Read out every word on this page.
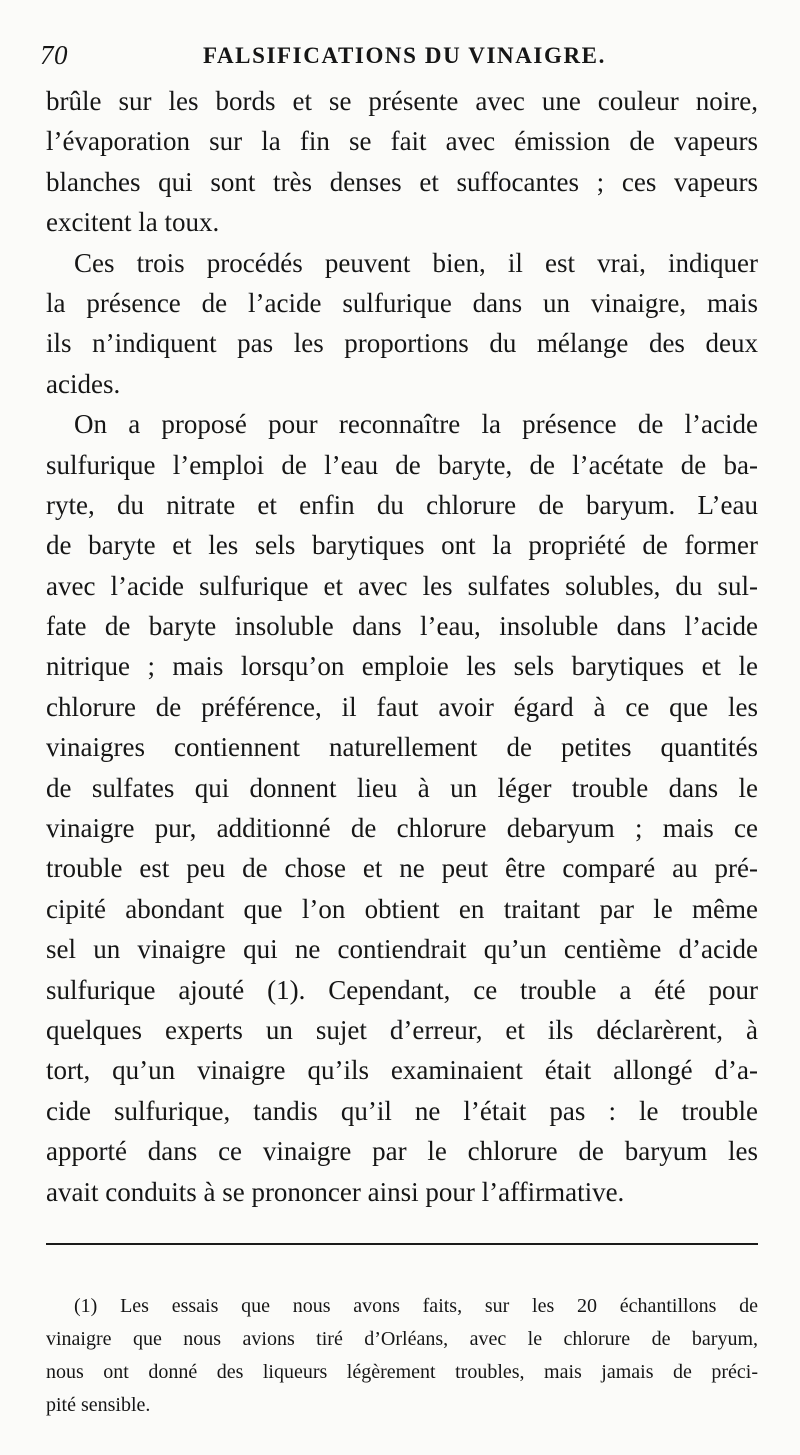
70	FALSIFICATIONS DU VINAIGRE.
brûle sur les bords et se présente avec une couleur noire,
l’évaporation sur la fin se fait avec émission de vapeurs
blanches qui sont très denses et suffocantes ; ces vapeurs
excitent la toux.
Ces trois procédés peuvent bien, il est vrai, indiquer
la présence de l’acide sulfurique dans un vinaigre, mais
ils n’indiquent pas les proportions du mélange des deux
acides.
On a proposé pour reconnaître la présence de l’acide
sulfurique l’emploi de l’eau de baryte, de l’acétate de ba-
ryte, du nitrate et enfin du chlorure de baryum. L’eau
de baryte et les sels barytiques ont la propriété de former
avec l’acide sulfurique et avec les sulfates solubles, du sul-
fate de baryte insoluble dans l’eau, insoluble dans l’acide
nitrique ; mais lorsqu’on emploie les sels barytiques et le
chlorure de préférence, il faut avoir égard à ce que les
vinaigres contiennent naturellement de petites quantités
de sulfates qui donnent lieu à un léger trouble dans le
vinaigre pur, additionné de chlorure debaryum ; mais ce
trouble est peu de chose et ne peut être comparé au pré-
cipité abondant que l’on obtient en traitant par le même
sel un vinaigre qui ne contiendrait qu’un centième d’acide
sulfurique ajouté (1). Cependant, ce trouble a été pour
quelques experts un sujet d’erreur, et ils déclarèrent, à
tort, qu’un vinaigre qu’ils examinaient était allongé d’a-
cide sulfurique, tandis qu’il ne l’était pas : le trouble
apporté dans ce vinaigre par le chlorure de baryum les
avait conduits à se prononcer ainsi pour l’affirmative.
(1) Les essais que nous avons faits, sur les 20 échantillons de
vinaigre que nous avions tiré d’Orléans, avec le chlorure de baryum,
nous ont donné des liqueurs légèrement troubles, mais jamais de préci-
pité sensible.
